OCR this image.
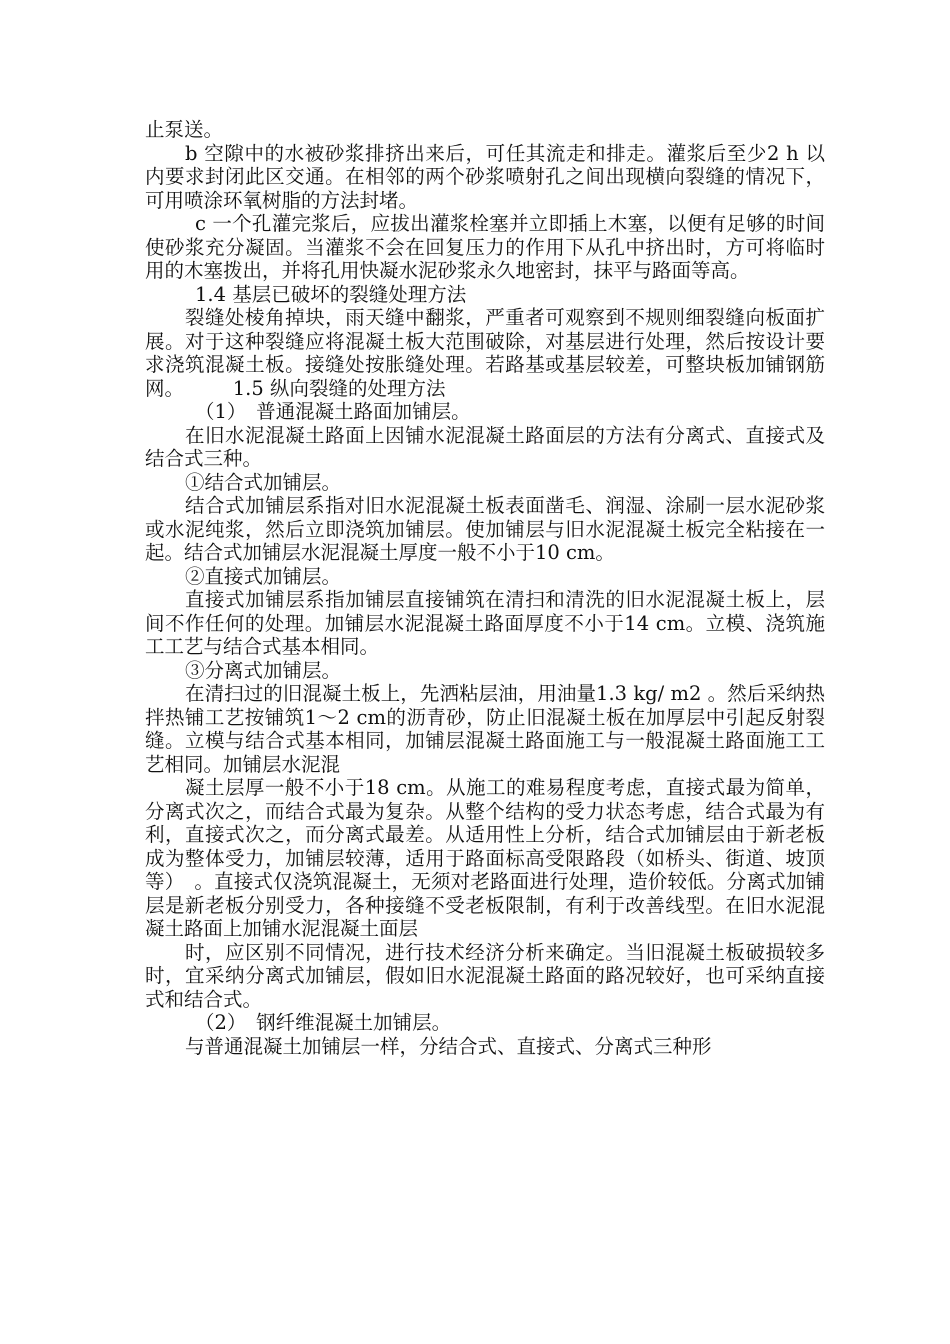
止泵送。

b 空隙中的水被砂浆排挤出来后，可任其流走和排走。灌浆后至少2 h 以内要求封闭此区交通。在相邻的两个砂浆喷射孔之间出现横向裂缝的情况下，可用喷涂环氧树脂的方法封堵。

c 一个孔灌完浆后，应拔出灌浆栓塞并立即插上木塞，以便有足够的时间使砂浆充分凝固。当灌浆不会在回复压力的作用下从孔中挤出时，方可将临时用的木塞拨出，并将孔用快凝水泥砂浆永久地密封，抹平与路面等高。

1.4 基层已破坏的裂缝处理方法

裂缝处棱角掉块，雨天缝中翻浆，严重者可观察到不规则细裂缝向板面扩展。对于这种裂缝应将混凝土板大范围破除，对基层进行处理，然后按设计要求浇筑混凝土板。接缝处按胀缝处理。若路基或基层较差，可整块板加铺钢筋网。　　　1.5 纵向裂缝的处理方法

（1）　普通混凝土路面加铺层。

在旧水泥混凝土路面上因铺水泥混凝土路面层的方法有分离式、直接式及结合式三种。

①结合式加铺层。

结合式加铺层系指对旧水泥混凝土板表面凿毛、润湿、涂刷一层水泥砂浆或水泥纯浆，然后立即浇筑加铺层。使加铺层与旧水泥混凝土板完全粘接在一起。结合式加铺层水泥混凝土厚度一般不小于10 cm。

②直接式加铺层。

直接式加铺层系指加铺层直接铺筑在清扫和清洗的旧水泥混凝土板上，层间不作任何的处理。加铺层水泥混凝土路面厚度不小于14 cm。立模、浇筑施工工艺与结合式基本相同。

③分离式加铺层。

在清扫过的旧混凝土板上，先洒粘层油，用油量1.3 kg/ m2 。然后采纳热拌热铺工艺按铺筑1～2 cm的沥青砂，防止旧混凝土板在加厚层中引起反射裂缝。立模与结合式基本相同，加铺层混凝土路面施工与一般混凝土路面施工工艺相同。加铺层水泥混

凝土层厚一般不小于18 cm。从施工的难易程度考虑，直接式最为简单，分离式次之，而结合式最为复杂。从整个结构的受力状态考虑，结合式最为有利，直接式次之，而分离式最差。从适用性上分析，结合式加铺层由于新老板成为整体受力，加铺层较薄，适用于路面标高受限路段（如桥头、街道、坡顶等）　。直接式仅浇筑混凝土，无须对老路面进行处理，造价较低。分离式加铺层是新老板分别受力，各种接缝不受老板限制，有利于改善线型。在旧水泥混凝土路面上加铺水泥混凝土面层

时，应区别不同情况，进行技术经济分析来确定。当旧混凝土板破损较多时，宜采纳分离式加铺层，假如旧水泥混凝土路面的路况较好，也可采纳直接式和结合式。

（2）　钢纤维混凝土加铺层。

与普通混凝土加铺层一样，分结合式、直接式、分离式三种形
